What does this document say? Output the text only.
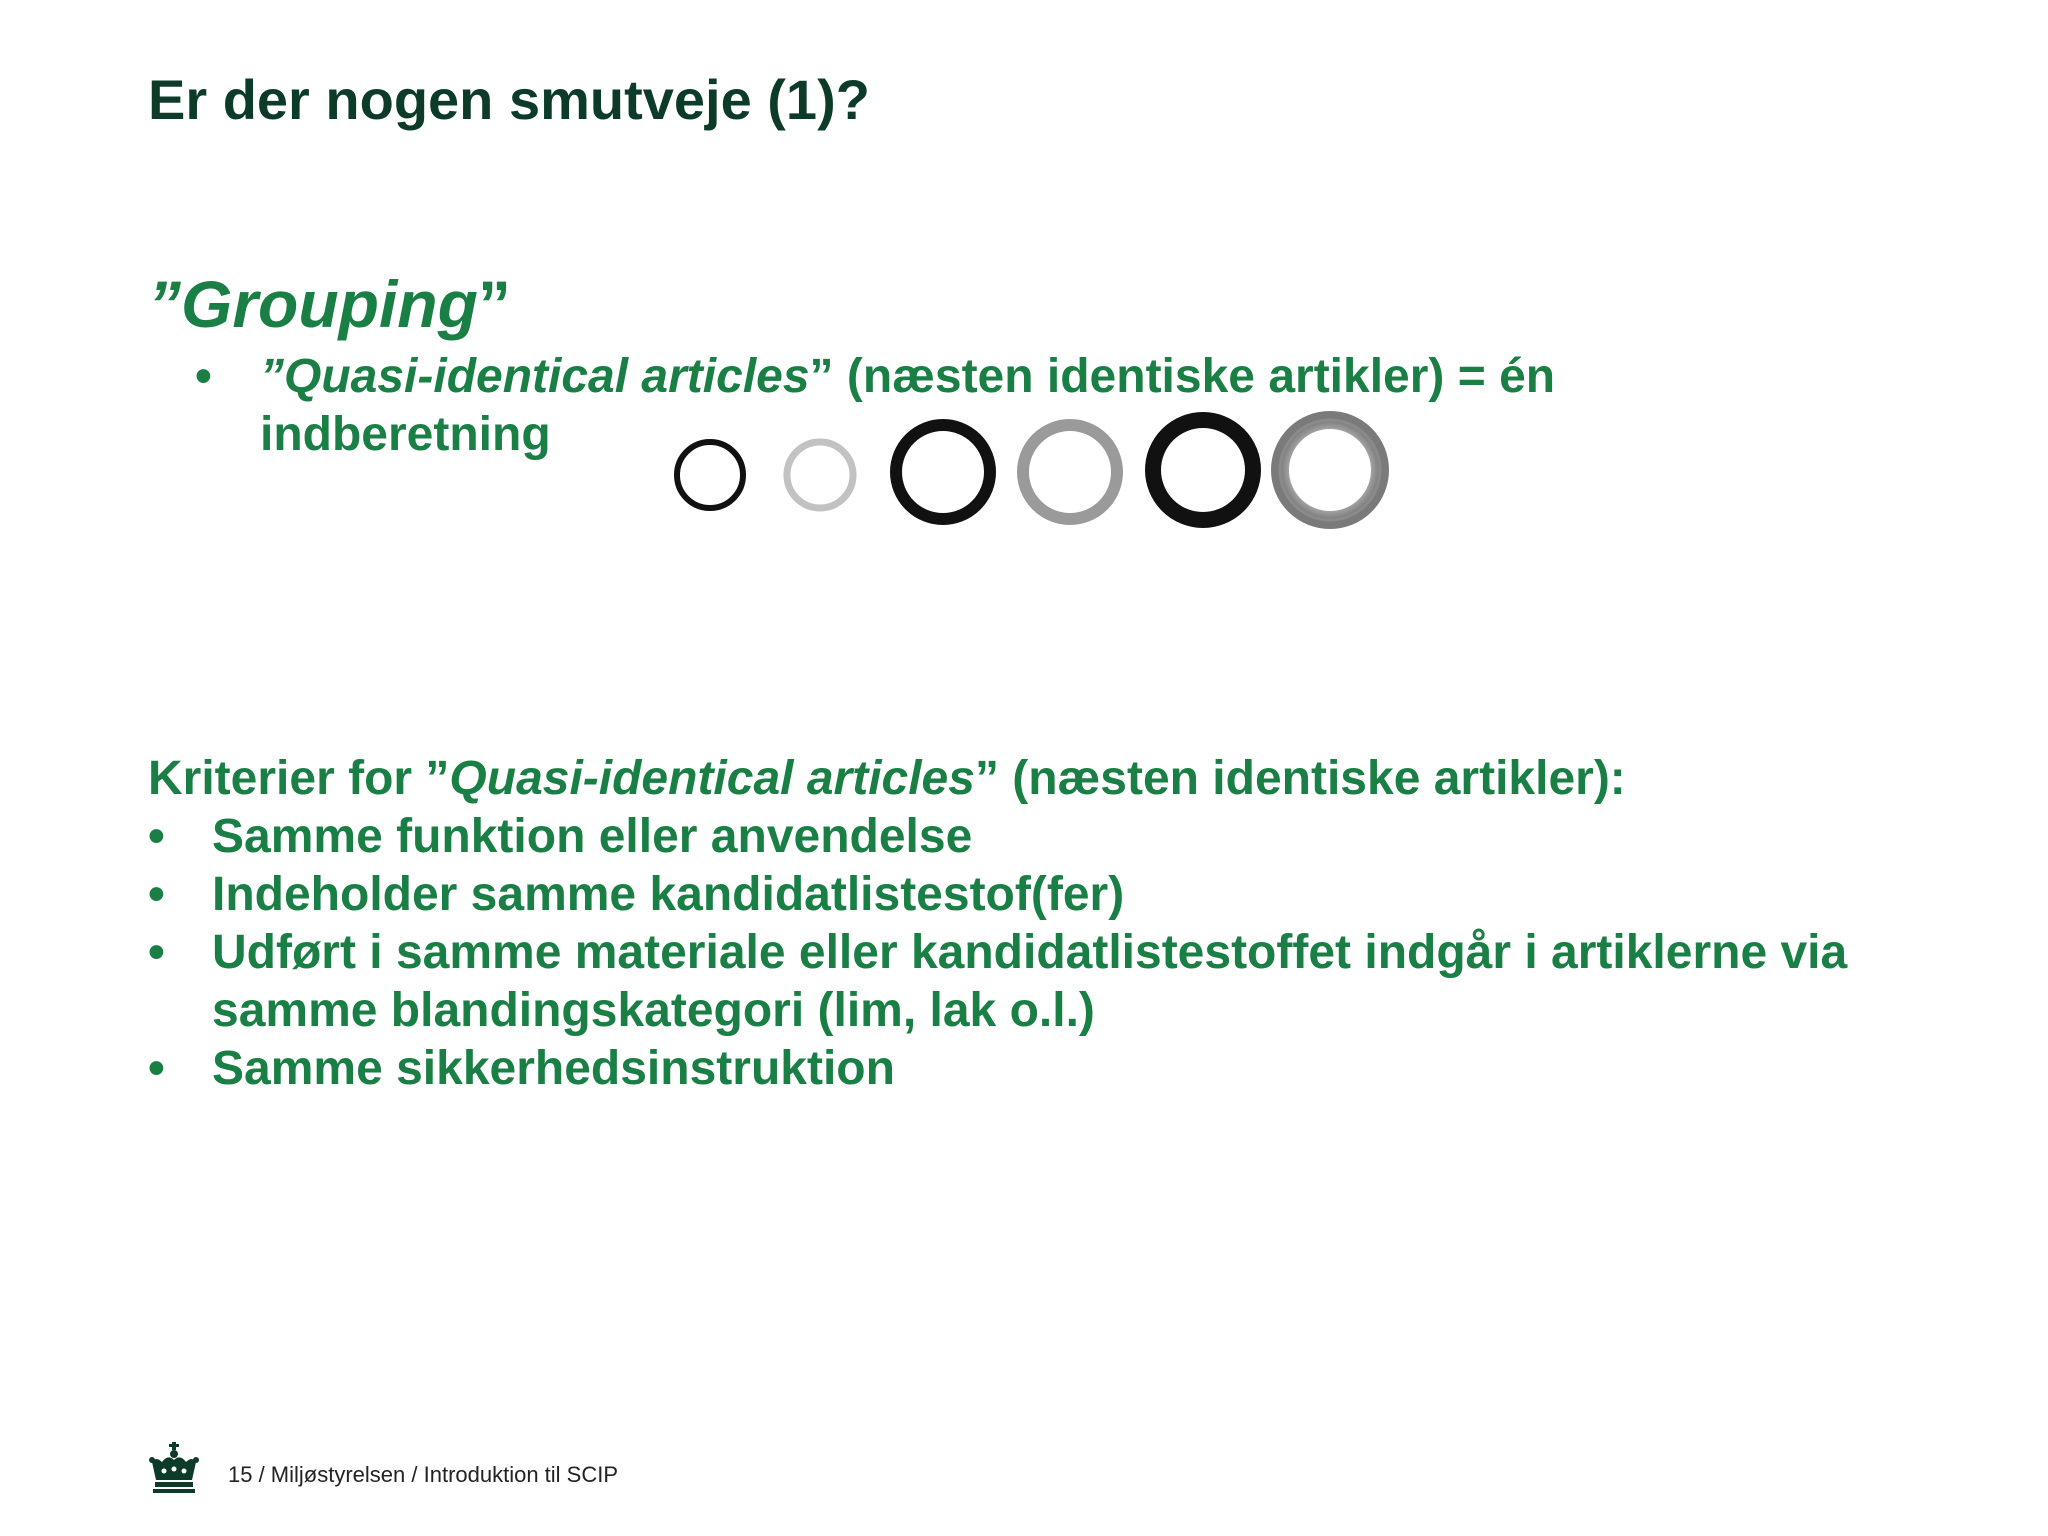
Er der nogen smutveje (1)?
”Grouping”
• ”Quasi-identical articles” (næsten identiske artikler) = én indberetning
Kriterier for ”Quasi-identical articles” (næsten identiske artikler):
• Samme funktion eller anvendelse
• Indeholder samme kandidatlistestof(fer)
• Udført i samme materiale eller kandidatlistestoffet indgår i artiklerne via samme blandingskategori (lim, lak o.l.)
• Samme sikkerhedsinstruktion
15 / Miljøstyrelsen / Introduktion til SCIP
